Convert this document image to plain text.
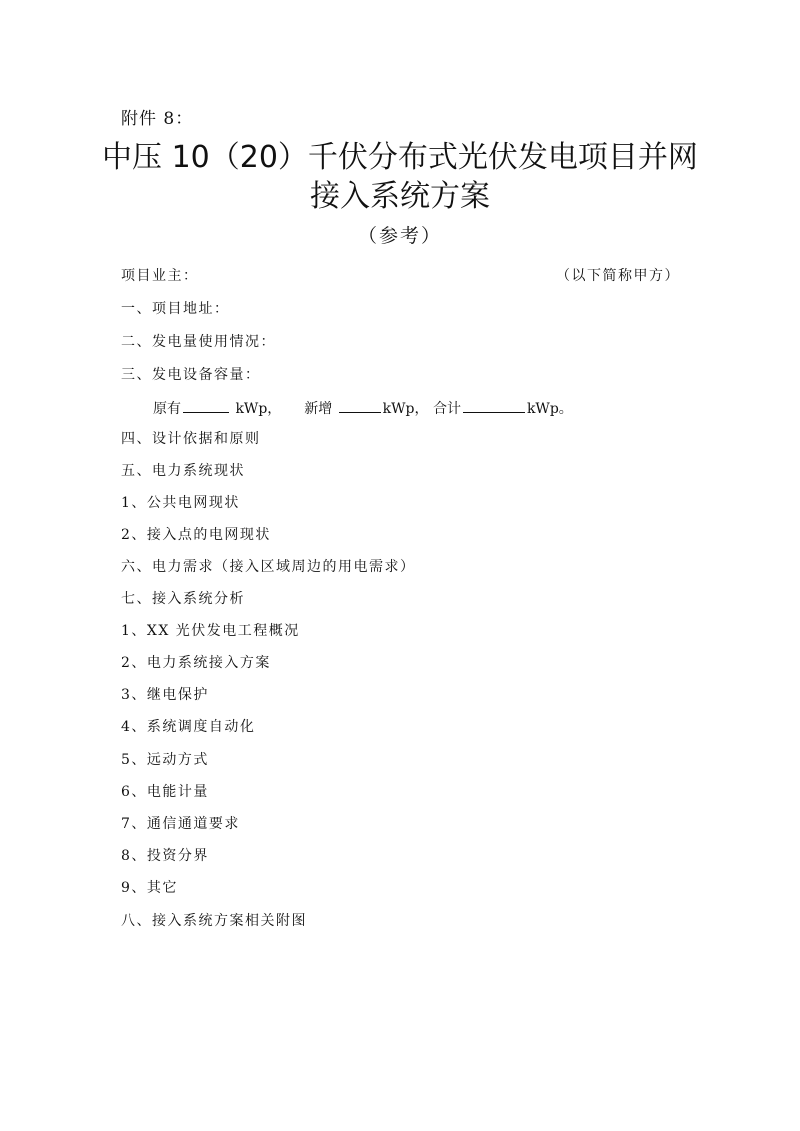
附件 8：
中压 10（20）千伏分布式光伏发电项目并网
接入系统方案
（参考）
项目业主：	（以下简称甲方）
一、项目地址：
二、发电量使用情况：
三、发电设备容量：
原有	kWp， 新增	kWp， 合计	kWp。
四、设计依据和原则
五、电力系统现状
1、公共电网现状
2、接入点的电网现状
六、电力需求（接入区域周边的用电需求）
七、接入系统分析
1、XX 光伏发电工程概况
2、电力系统接入方案
3、继电保护
4、系统调度自动化
5、远动方式
6、电能计量
7、通信通道要求
8、投资分界
9、其它
八、接入系统方案相关附图
